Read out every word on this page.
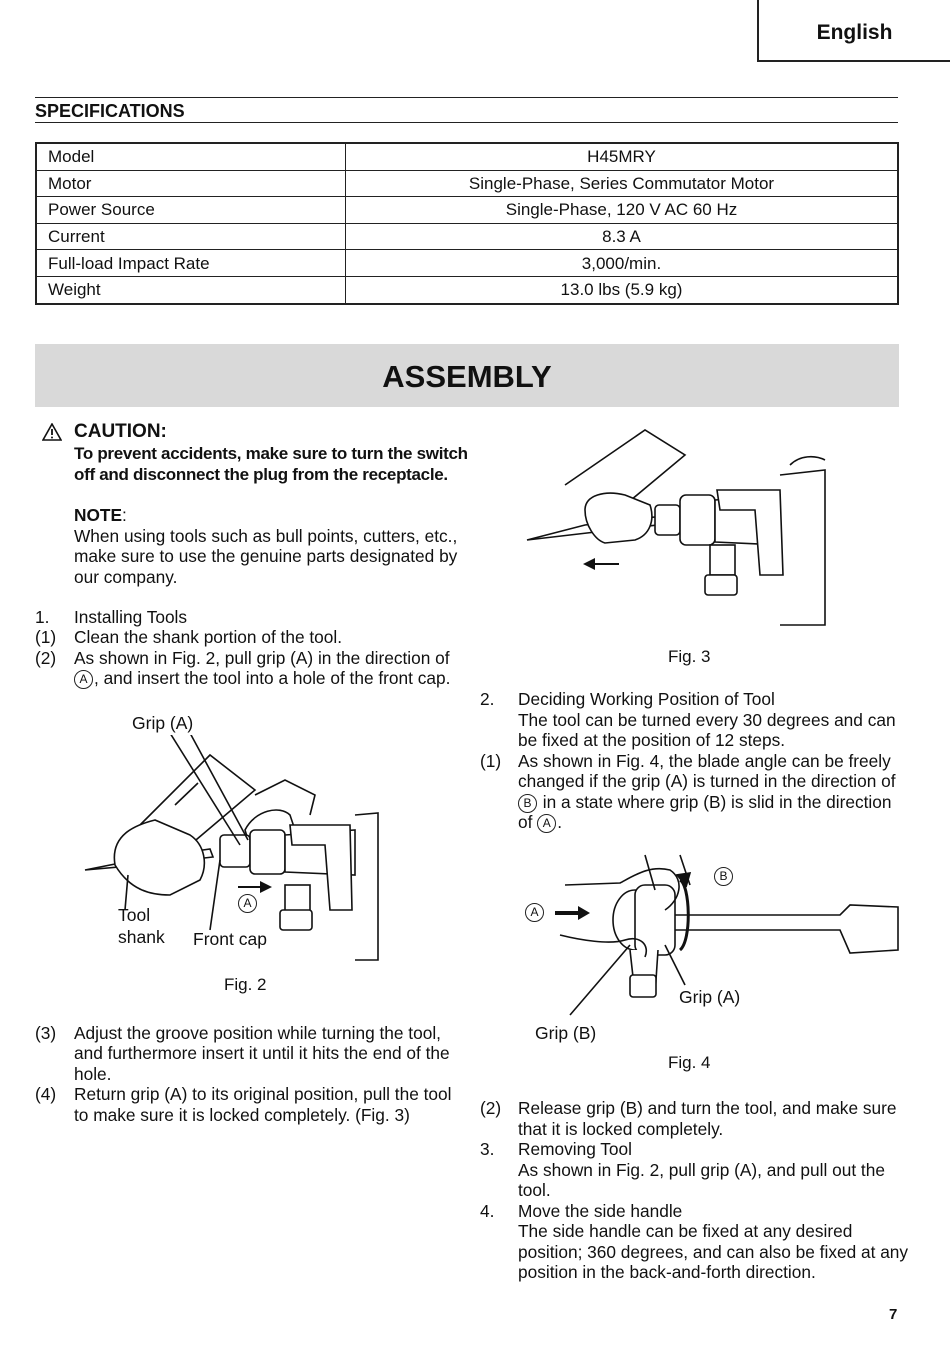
English
SPECIFICATIONS
Model	H45MRY
Motor	Single-Phase, Series Commutator Motor
Power Source	Single-Phase, 120 V AC 60 Hz
Current	8.3 A
Full-load Impact Rate	3,000/min.
Weight	13.0 lbs (5.9 kg)
ASSEMBLY
CAUTION:
To prevent accidents, make sure to turn the switch
off and disconnect the plug from the receptacle.
NOTE:
When using tools such as bull points, cutters, etc.,
make sure to use the genuine parts designated by
our company.
1. Installing Tools
(1) Clean the shank portion of the tool.
(2) As shown in Fig. 2, pull grip (A) in the direction of
A , and insert the tool into a hole of the front cap.
(3) Adjust the groove position while turning the tool,
and furthermore insert it until it hits the end of the
hole.
(4) Return grip (A) to its original position, pull the tool
to make sure it is locked completely. (Fig. 3)
Grip (A)
Tool
shank Front cap
A
Fig. 2
Fig. 3
2. Deciding Working Position of Tool
The tool can be turned every 30 degrees and can
be fixed at the position of 12 steps.
(1) As shown in Fig. 4, the blade angle can be freely
changed if the grip (A) is turned in the direction of
B in a state where grip (B) is slid in the direction
of A .
(2) Release grip (B) and turn the tool, and make sure
that it is locked completely.
3. Removing Tool
As shown in Fig. 2, pull grip (A), and pull out the
tool.
4. Move the side handle
The side handle can be fixed at any desired
position; 360 degrees, and can also be fixed at any
position in the back-and-forth direction.
B
A
Grip (A)
Grip (B)
Fig. 4
7
